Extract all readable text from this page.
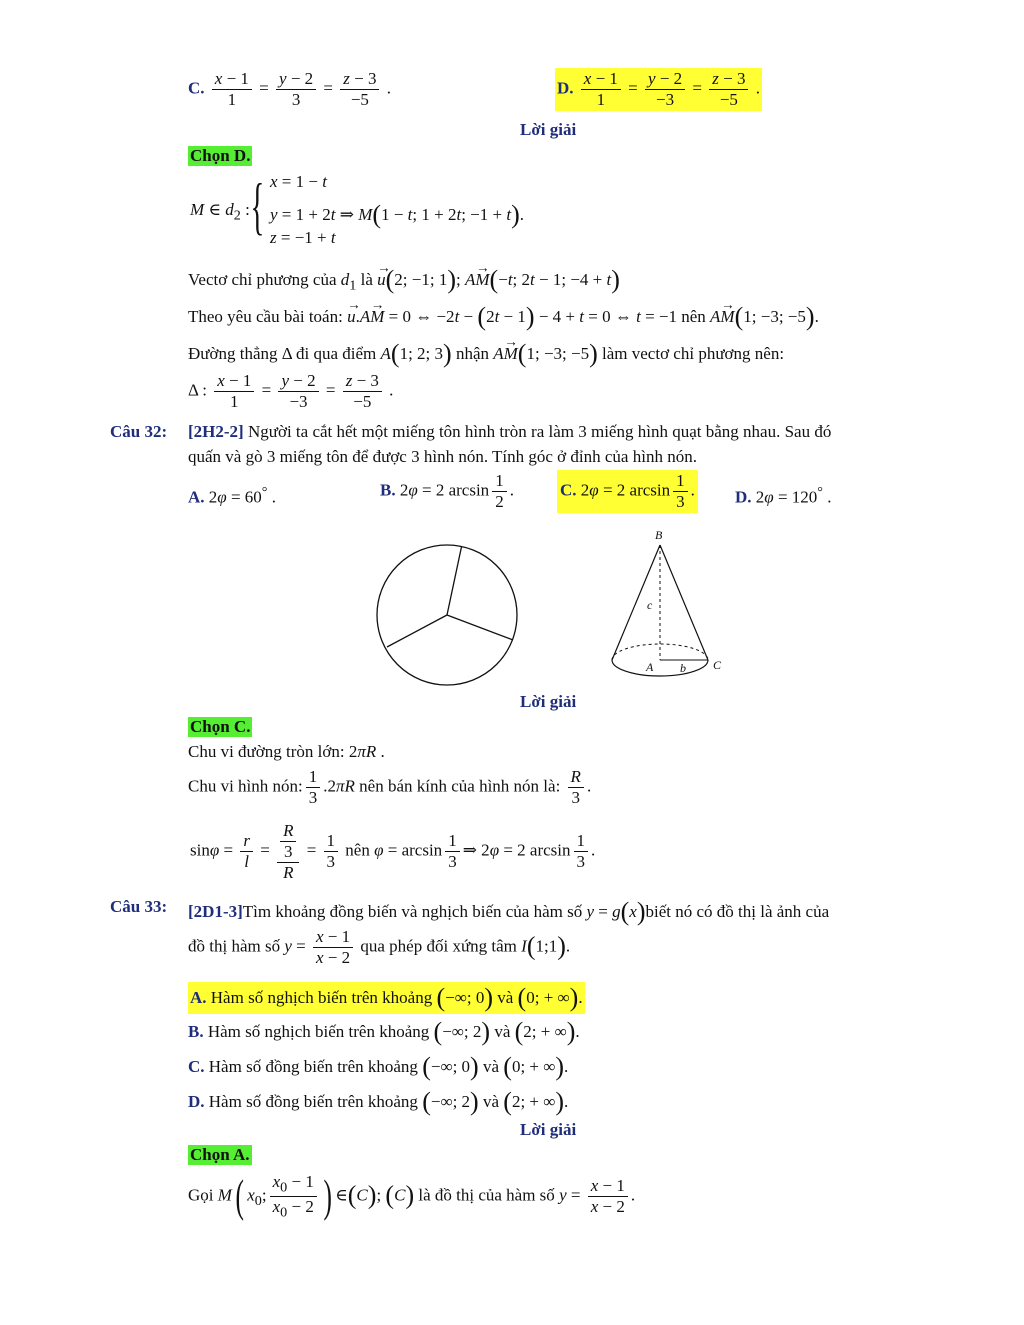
C. $\frac{x - 1}{1} = \frac{y - 2}{3} = \frac{z - 3}{-5}$ .	D. $\frac{x - 1}{1} = \frac{y - 2}{-3} = \frac{z - 3}{-5}$ .
Lời giải
Chọn D.
M ∈ $d_2$ : { x = 1 − t
y = 1 + 2t ⇒ M(1 − t; 1 + 2t; −1 + t).
z = −1 + t
Vectơ chỉ phương của $d_1$ là → u(2; −1; 1); → AM(−t; 2t − 1; −4 + t)
Theo yêu cầu bài toán: → u.→ AM = 0 ⇔ −2t − (2t − 1) − 4 + t = 0 ⇔ t = −1 nên → AM(1; −3; −5).
Đường thẳng Δ đi qua điểm A(1; 2; 3) nhận → AM(1; −3; −5) làm vectơ chỉ phương nên:
Δ : $\frac{x - 1}{1} = \frac{y - 2}{-3} = \frac{z - 3}{-5}$ .
Câu 32: [2H2-2] Người ta cắt hết một miếng tôn hình tròn ra làm 3 miếng hình quạt bằng nhau. Sau đó
quấn và gò 3 miếng tôn để được 3 hình nón. Tính góc ở đỉnh của hình nón.
A. 2φ = 60° .	B. 2φ = 2 $\arcsin \frac{1}{2}$ .	C. 2φ = 2 $\arcsin \frac{1}{3}$ . D. 2φ = 120° .
B
c
A b C
Lời giải
Chọn C.
Chu vi đường tròn lớn: 2πR .
Chu vi hình nón: $\frac{1}{3} .2\pi R$ nên bán kính của hình nón là: $\frac{R}{3}$ .
$\sin\varphi = \frac{r}{l} = \frac{\frac{R}{3}}{R} = \frac{1}{3}$ nên $\varphi = \arcsin \frac{1}{3}$ ⇒ 2φ = 2 $\arcsin \frac{1}{3}$ .
Câu 33: [2D1-3]Tìm khoảng đồng biến và nghịch biến của hàm số y = g(x)biết nó có đồ thị là ảnh của
đồ thị hàm số $y = \frac{x - 1}{x - 2}$ qua phép đối xứng tâm I(1;1).
A. Hàm số nghịch biến trên khoảng (−∞; 0) và (0; + ∞).
B. Hàm số nghịch biến trên khoảng (−∞; 2) và (2; + ∞).
C. Hàm số đồng biến trên khoảng (−∞; 0) và (0; + ∞).
D. Hàm số đồng biến trên khoảng (−∞; 2) và (2; + ∞).
Lời giải
Chọn A.
Gọi M( $x_0$; $\frac{x_0 - 1}{x_0 - 2}$ ) ∈(C); (C) là đồ thị của hàm số $y = \frac{x - 1}{x - 2}$ .
